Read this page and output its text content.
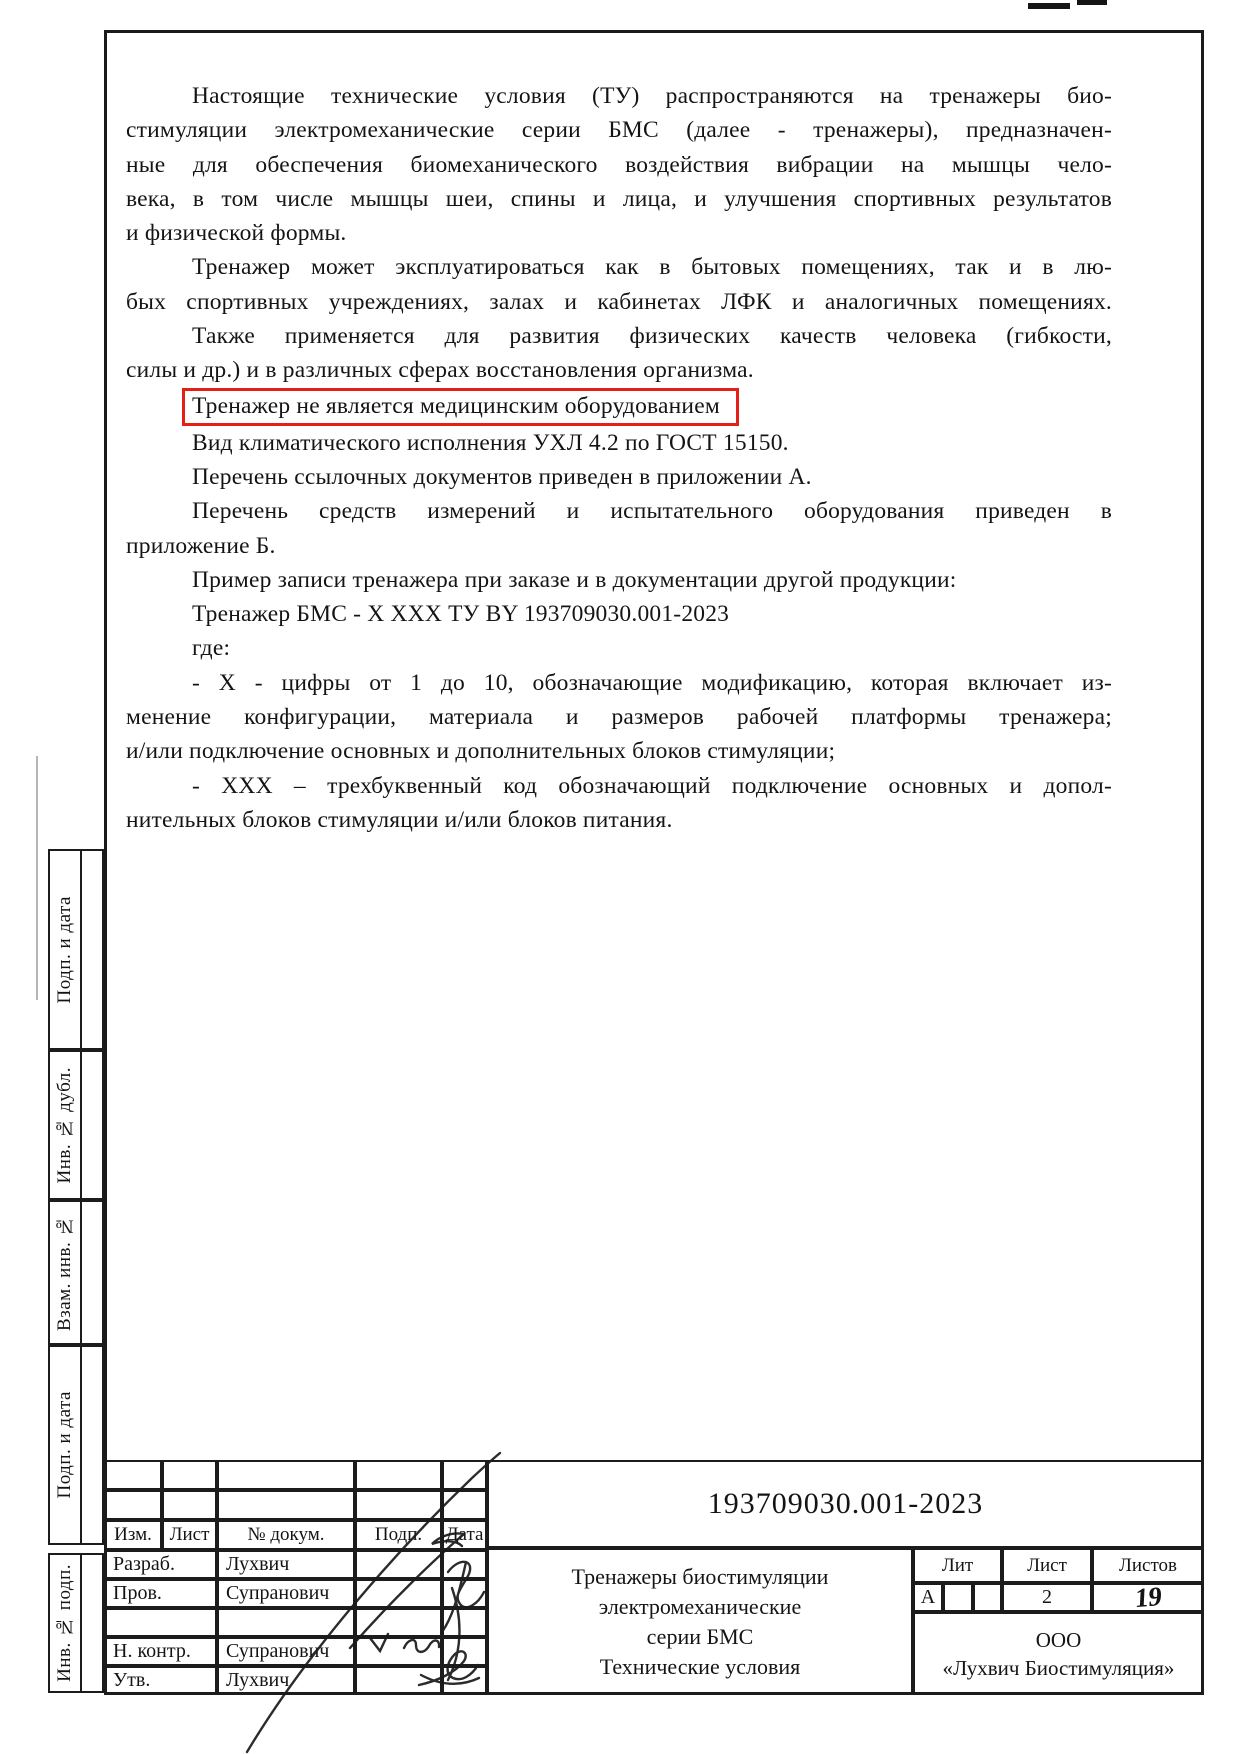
Настоящие технические условия (ТУ) распространяются на тренажеры био-
стимуляции электромеханические серии БМС (далее - тренажеры), предназначен-
ные для обеспечения биомеханического воздействия вибрации на мышцы чело-
века, в том числе мышцы шеи, спины и лица, и улучшения спортивных результатов
и физической формы.
Тренажер может эксплуатироваться как в бытовых помещениях, так и в лю-
бых спортивных учреждениях, залах и кабинетах ЛФК и аналогичных помещениях.
Также применяется для развития физических качеств человека (гибкости,
силы и др.) и в различных сферах восстановления организма.
Тренажер не является медицинским оборудованием
Вид климатического исполнения УХЛ 4.2 по ГОСТ 15150.
Перечень ссылочных документов приведен в приложении А.
Перечень средств измерений и испытательного оборудования приведен в
приложение Б.
Пример записи тренажера при заказе и в документации другой продукции:
Тренажер БМС - Х ХХХ ТУ BY 193709030.001-2023
где:
- Х - цифры от 1 до 10, обозначающие модификацию, которая включает из-
менение конфигурации, материала и размеров рабочей платформы тренажера;
и/или подключение основных и дополнительных блоков стимуляции;
- ХХХ – трехбуквенный код обозначающий подключение основных и допол-
нительных блоков стимуляции и/или блоков питания.
Подп. и дата
Инв. № дубл.
Взам. инв. №
Подп. и дата
Инв. № подп.
Изм. Лист	№ докум.	Подп.	Дата
Разраб.	Лухвич
Пров.	Супранович
Н. контр.	Супранович
Утв.	Лухвич
193709030.001-2023
Тренажеры биостимуляции
электромеханические
серии БМС
Технические условия
Лит	Лист	Листов
А	2	19
ООО
«Лухвич Биостимуляция»
